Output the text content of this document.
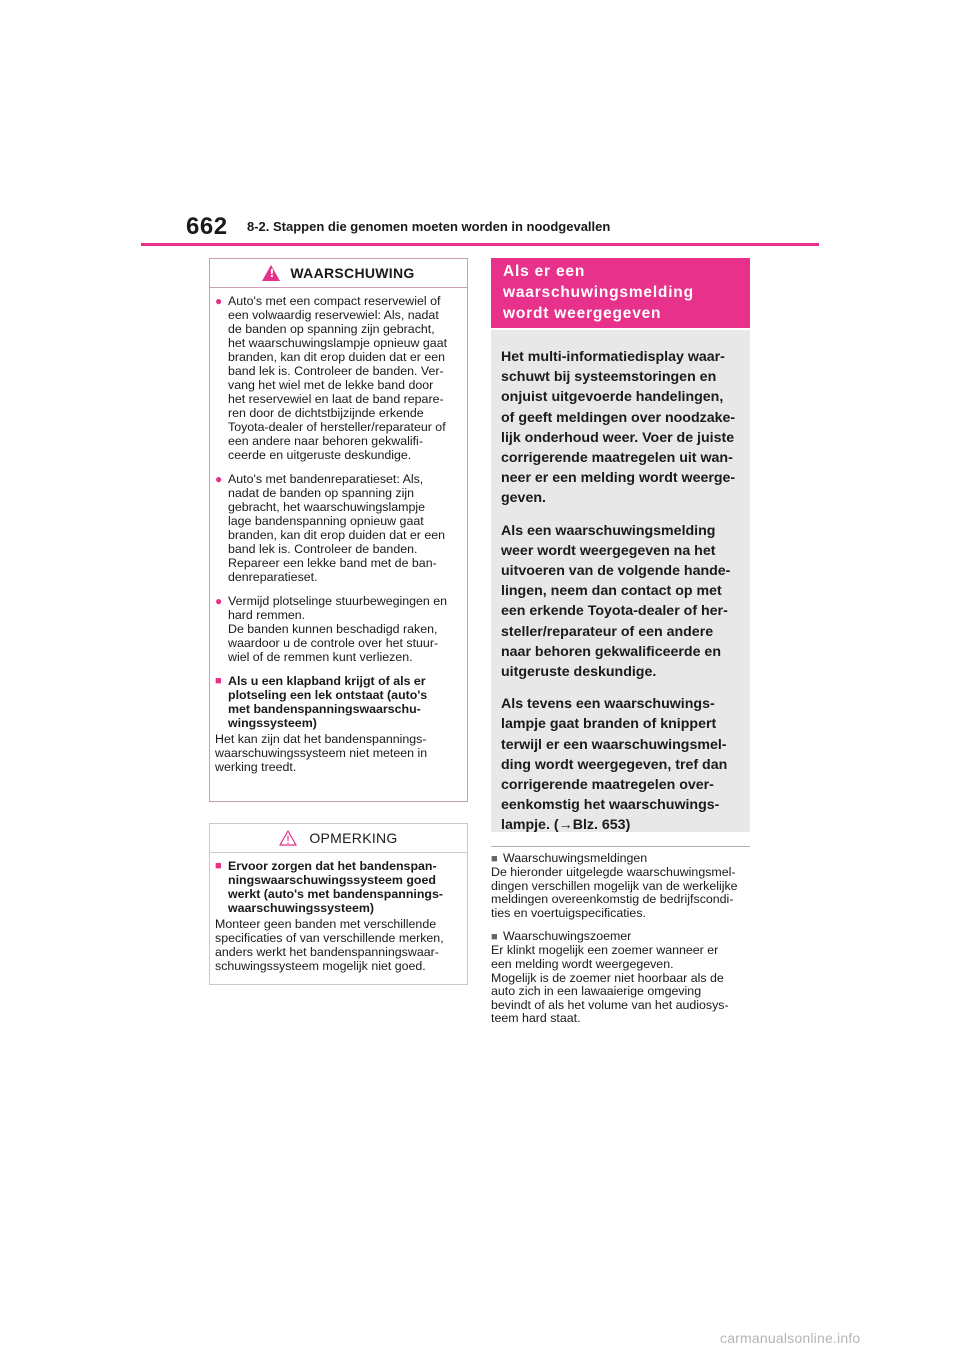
662 8-2. Stappen die genomen moeten worden in noodgevallen
!
WAARSCHUWING
● Auto's met een compact reservewiel of
een volwaardig reservewiel: Als, nadat
de banden op spanning zijn gebracht,
het waarschuwingslampje opnieuw gaat
branden, kan dit erop duiden dat er een
band lek is. Controleer de banden. Ver-
vang het wiel met de lekke band door
het reservewiel en laat de band repare-
ren door de dichtstbijzijnde erkende
Toyota-dealer of hersteller/reparateur of
een andere naar behoren gekwalifi-
ceerde en uitgeruste deskundige.
● Auto's met bandenreparatieset: Als,
nadat de banden op spanning zijn
gebracht, het waarschuwingslampje
lage bandenspanning opnieuw gaat
branden, kan dit erop duiden dat er een
band lek is. Controleer de banden.
Repareer een lekke band met de ban-
denreparatieset.
● Vermijd plotselinge stuurbewegingen en
hard remmen.
De banden kunnen beschadigd raken,
waardoor u de controle over het stuur-
wiel of de remmen kunt verliezen.
■ Als u een klapband krijgt of als er
plotseling een lek ontstaat (auto's
met bandenspanningswaarschu-
wingssysteem)
Het kan zijn dat het bandenspannings-
waarschuwingssysteem niet meteen in
werking treedt.
OPMERKING
■ Ervoor zorgen dat het bandenspan-
ningswaarschuwingssysteem goed
werkt (auto's met bandenspannings-
waarschuwingssysteem)
Monteer geen banden met verschillende
specificaties of van verschillende merken,
anders werkt het bandenspanningswaar-
schuwingssysteem mogelijk niet goed.
Als er een
waarschuwingsmelding
wordt weergegeven

Het multi-informatiedisplay waar-
schuwt bij systeemstoringen en
onjuist uitgevoerde handelingen,
of geeft meldingen over noodzake-
lijk onderhoud weer. Voer de juiste
corrigerende maatregelen uit wan-
neer er een melding wordt weerge-
geven.

Als een waarschuwingsmelding
weer wordt weergegeven na het
uitvoeren van de volgende hande-
lingen, neem dan contact op met
een erkende Toyota-dealer of her-
steller/reparateur of een andere
naar behoren gekwalificeerde en
uitgeruste deskundige.

Als tevens een waarschuwings-
lampje gaat branden of knippert
terwijl er een waarschuwingsmel-
ding wordt weergegeven, tref dan
corrigerende maatregelen over-
eenkomstig het waarschuwings-
lampje. (→Blz. 653)

■ Waarschuwingsmeldingen
De hieronder uitgelegde waarschuwingsmel-
dingen verschillen mogelijk van de werkelijke
meldingen overeenkomstig de bedrijfscondi-
ties en voertuigspecificaties.
■ Waarschuwingszoemer
Er klinkt mogelijk een zoemer wanneer er
een melding wordt weergegeven.
Mogelijk is de zoemer niet hoorbaar als de
auto zich in een lawaaierige omgeving
bevindt of als het volume van het audiosys-
teem hard staat.
carmanualsonline.info
